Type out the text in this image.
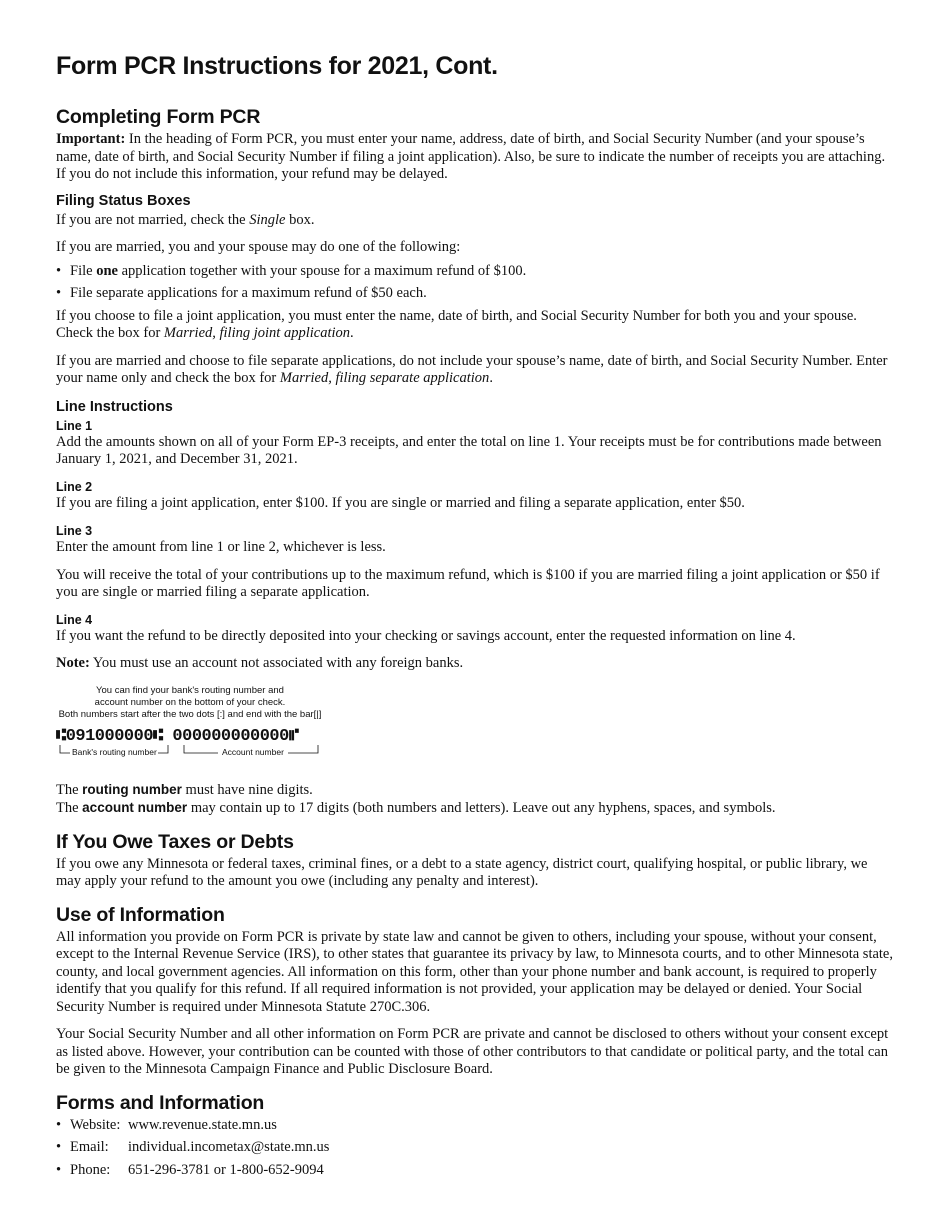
Form PCR Instructions for 2021, Cont.
Completing Form PCR

Important: In the heading of Form PCR, you must enter your name, address, date of birth, and Social Security Number (and your spouse’s name, date of birth, and Social Security Number if filing a joint application). Also, be sure to indicate the number of receipts you are attaching. If you do not include this information, your refund may be delayed.

Filing Status Boxes

If you are not married, check the Single box.

If you are married, you and your spouse may do one of the following:

• File one application together with your spouse for a maximum refund of $100.
• File separate applications for a maximum refund of $50 each.

If you choose to file a joint application, you must enter the name, date of birth, and Social Security Number for both you and your spouse. Check the box for Married, filing joint application.

If you are married and choose to file separate applications, do not include your spouse’s name, date of birth, and Social Security Number. Enter your name only and check the box for Married, filing separate application.

Line Instructions
Line 1

Add the amounts shown on all of your Form EP-3 receipts, and enter the total on line 1. Your receipts must be for contributions made between January 1, 2021, and December 31, 2021.

Line 2

If you are filing a joint application, enter $100. If you are single or married and filing a separate application, enter $50.

Line 3

Enter the amount from line 1 or line 2, whichever is less.

You will receive the total of your contributions up to the maximum refund, which is $100 if you are married filing a joint application or $50 if you are single or married filing a separate application.

Line 4

If you want the refund to be directly deposited into your checking or savings account, enter the requested information on line 4.

Note: You must use an account not associated with any foreign banks.

You can find your bank's routing number and
account number on the bottom of your check.
Both numbers start after the two dots [:] and end with the bar[|]
⑆091000000⑆ 000000000000⑈
Bank's routing number	Account number

The routing number must have nine digits.

The account number may contain up to 17 digits (both numbers and letters). Leave out any hyphens, spaces, and symbols.

If You Owe Taxes or Debts

If you owe any Minnesota or federal taxes, criminal fines, or a debt to a state agency, district court, qualifying hospital, or public library, we may apply your refund to the amount you owe (including any penalty and interest).

Use of Information

All information you provide on Form PCR is private by state law and cannot be given to others, including your spouse, without your consent, except to the Internal Revenue Service (IRS), to other states that guarantee its privacy by law, to Minnesota courts, and to other Minnesota state, county, and local government agencies. All information on this form, other than your phone number and bank account, is required to properly identify that you qualify for this refund. If all required information is not provided, your application may be delayed or denied. Your Social Security Number is required under Minnesota Statute 270C.306.

Your Social Security Number and all other information on Form PCR are private and cannot be disclosed to others without your consent except as listed above. However, your contribution can be counted with those of other contributors to that candidate or political party, and the total can be given to the Minnesota Campaign Finance and Public Disclosure Board.

Forms and Information
• Website: www.revenue.state.mn.us
• Email:	individual.incometax@state.mn.us
• Phone:	651-296-3781 or 1-800-652-9094
